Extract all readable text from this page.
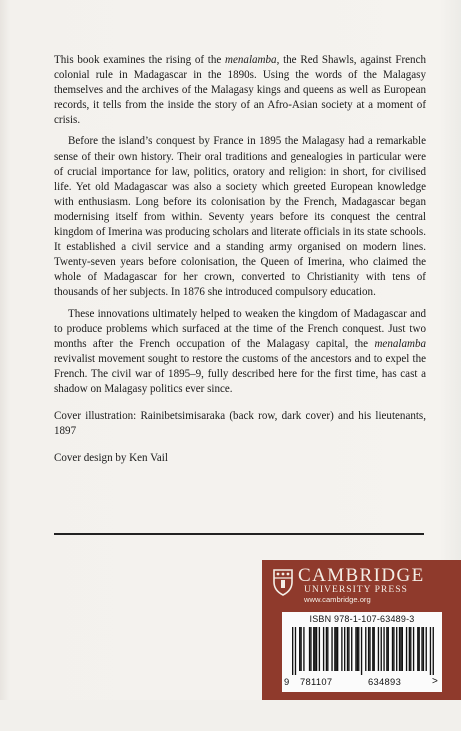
This book examines the rising of the menalamba, the Red Shawls, against French colonial rule in Madagascar in the 1890s. Using the words of the Malagasy themselves and the archives of the Malagasy kings and queens as well as European records, it tells from the inside the story of an Afro-Asian society at a moment of crisis.

Before the island’s conquest by France in 1895 the Malagasy had a remarkable sense of their own history. Their oral traditions and genealogies in particular were of crucial importance for law, politics, oratory and religion: in short, for civilised life. Yet old Madagascar was also a society which greeted European knowledge with enthusiasm. Long before its colonisation by the French, Madagascar began modernising itself from within. Seventy years before its conquest the central kingdom of Imerina was producing scholars and literate officials in its state schools. It established a civil service and a standing army organised on modern lines. Twenty-seven years before colonisation, the Queen of Imerina, who claimed the whole of Madagascar for her crown, converted to Christianity with tens of thousands of her subjects. In 1876 she introduced compulsory education.

These innovations ultimately helped to weaken the kingdom of Madagascar and to produce problems which surfaced at the time of the French conquest. Just two months after the French occupation of the Malagasy capital, the menalamba revivalist movement sought to restore the customs of the ancestors and to expel the French. The civil war of 1895–9, fully described here for the first time, has cast a shadow on Malagasy politics ever since.

Cover illustration: Rainibetsimisaraka (back row, dark cover) and his lieutenants, 1897

Cover design by Ken Vail

CAMBRIDGE
UNIVERSITY PRESS
www.cambridge.org
ISBN 978-1-107-63489-3

9

781107

	634893

	>
